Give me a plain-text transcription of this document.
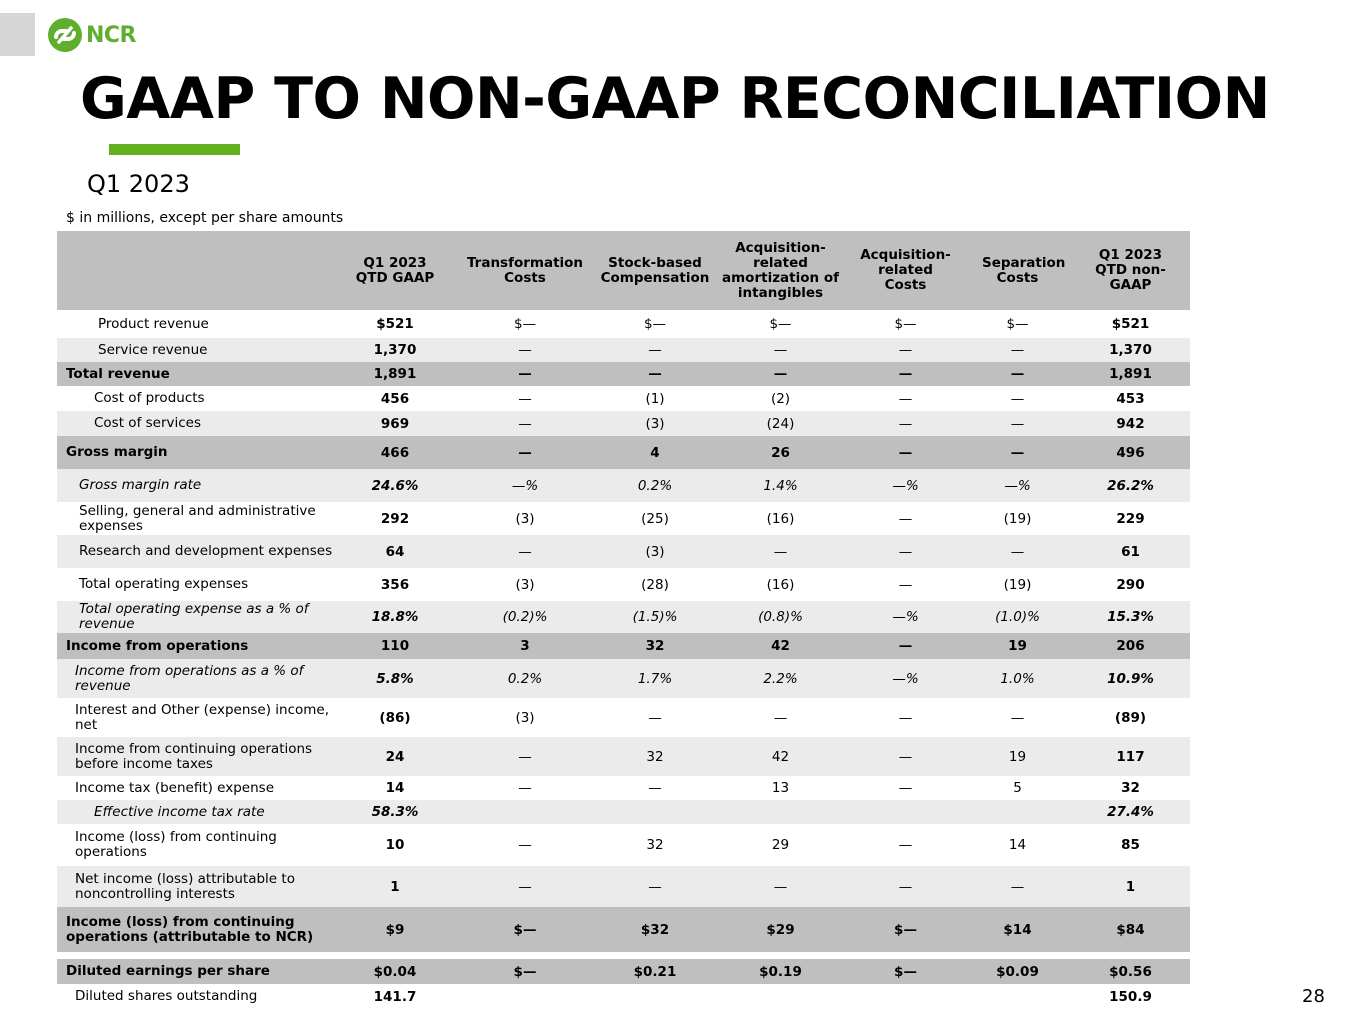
NCR
GAAP TO NON-GAAP RECONCILIATION
Q1 2023
$ in millions, except per share amounts
	Q1 2023 QTD GAAP	Transformation Costs	Stock-based Compensation	Acquisition-related amortization of intangibles	Acquisition-related Costs	Separation Costs	Q1 2023 QTD non-GAAP
Product revenue	$521	$—	$—	$—	$—	$—	$521
Service revenue	1,370	—	—	—	—	—	1,370
Total revenue	1,891	—	—	—	—	—	1,891
Cost of products	456	—	(1)	(2)	—	—	453
Cost of services	969	—	(3)	(24)	—	—	942
Gross margin	466	—	4	26	—	—	496
Gross margin rate	24.6%	—%	0.2%	1.4%	—%	—%	26.2%
Selling, general and administrative expenses	292	(3)	(25)	(16)	—	(19)	229
Research and development expenses	64	—	(3)	—	—	—	61
Total operating expenses	356	(3)	(28)	(16)	—	(19)	290
Total operating expense as a % of revenue	18.8%	(0.2)%	(1.5)%	(0.8)%	—%	(1.0)%	15.3%
Income from operations	110	3	32	42	—	19	206
Income from operations as a % of revenue	5.8%	0.2%	1.7%	2.2%	—%	1.0%	10.9%
Interest and Other (expense) income, net	(86)	(3)	—	—	—	—	(89)
Income from continuing operations before income taxes	24	—	32	42	—	19	117
Income tax (benefit) expense	14	—	—	13	—	5	32
Effective income tax rate	58.3%						27.4%
Income (loss) from continuing operations	10	—	32	29	—	14	85
Net income (loss) attributable to noncontrolling interests	1	—	—	—	—	—	1
Income (loss) from continuing operations (attributable to NCR)	$9	$—	$32	$29	$—	$14	$84

Diluted earnings per share	$0.04	$—	$0.21	$0.19	$—	$0.09	$0.56
Diluted shares outstanding	141.7						150.9	28
